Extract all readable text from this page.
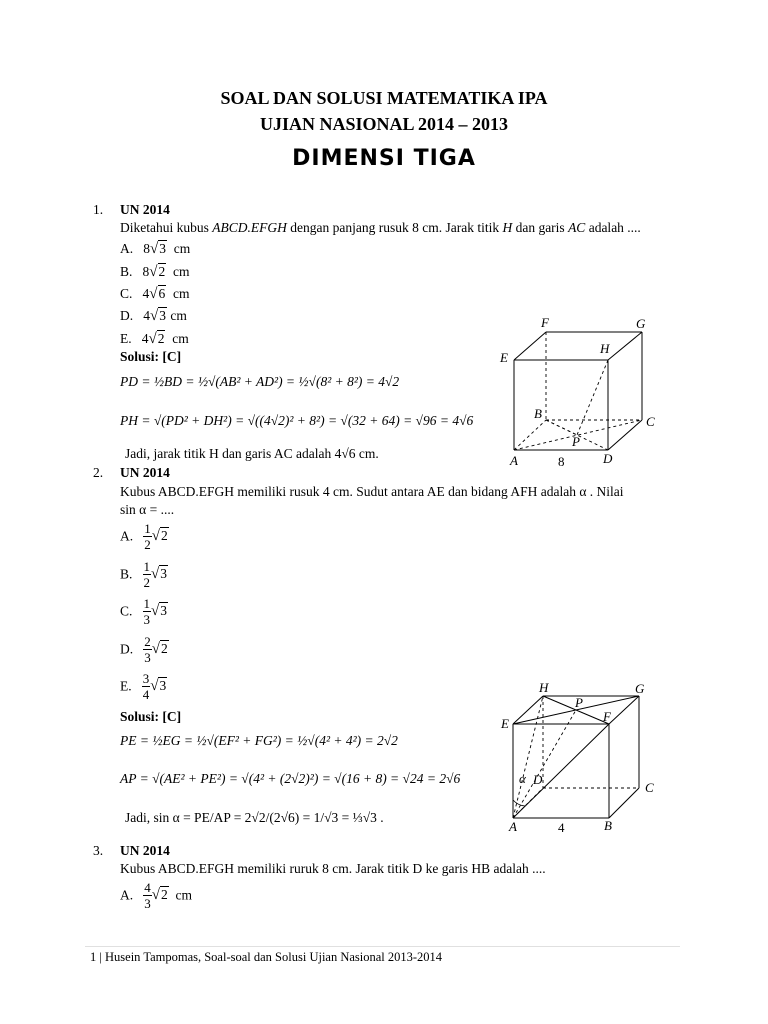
SOAL DAN SOLUSI MATEMATIKA IPA
UJIAN NASIONAL 2014 – 2013
DIMENSI TIGA
1. UN 2014
Diketahui kubus ABCD.EFGH dengan panjang rusuk 8 cm. Jarak titik H dan garis AC adalah ....
A. 8√3 cm
B. 8√2 cm
C. 4√6 cm
D. 4√3 cm
E. 4√2 cm
Solusi: [C]
PD = ½BD = ½√(AB² + AD²) = ½√(8² + 8²) = 4√2
PH = √(PD² + DH²) = √((4√2)² + 8²) = √(32 + 64) = √96 = 4√6
Jadi, jarak titik H dan garis AC adalah 4√6 cm.
F	G
H
E
B
C
P
A	D
8
2. UN 2014
Kubus ABCD.EFGH memiliki rusuk 4 cm. Sudut antara AE dan bidang AFH adalah α . Nilai
sin α = ....
A. $\frac{1}{2} √2$
B. $\frac{1}{2} √3$
C. $\frac{1}{3} √3$
D. $\frac{2}{3} √2$
E. $\frac{3}{4} √3$
Solusi: [C]
PE = ½EG = ½√(EF² + FG²) = ½√(4² + 4²) = 2√2
AP = √(AE² + PE²) = √(4² + (2√2)²) = √(16 + 8) = √24 = 2√6
Jadi, sin α = PE/AP = 2√2/(2√6) = 1/√3 = ⅓√3 .
H	G
E	F
P
α D
C
A	B
4
3. UN 2014
Kubus ABCD.EFGH memiliki ruruk 8 cm. Jarak titik D ke garis HB adalah ....
A. $\frac{4}{3} √2$ cm
1 | Husein Tampomas, Soal-soal dan Solusi Ujian Nasional 2013-2014
